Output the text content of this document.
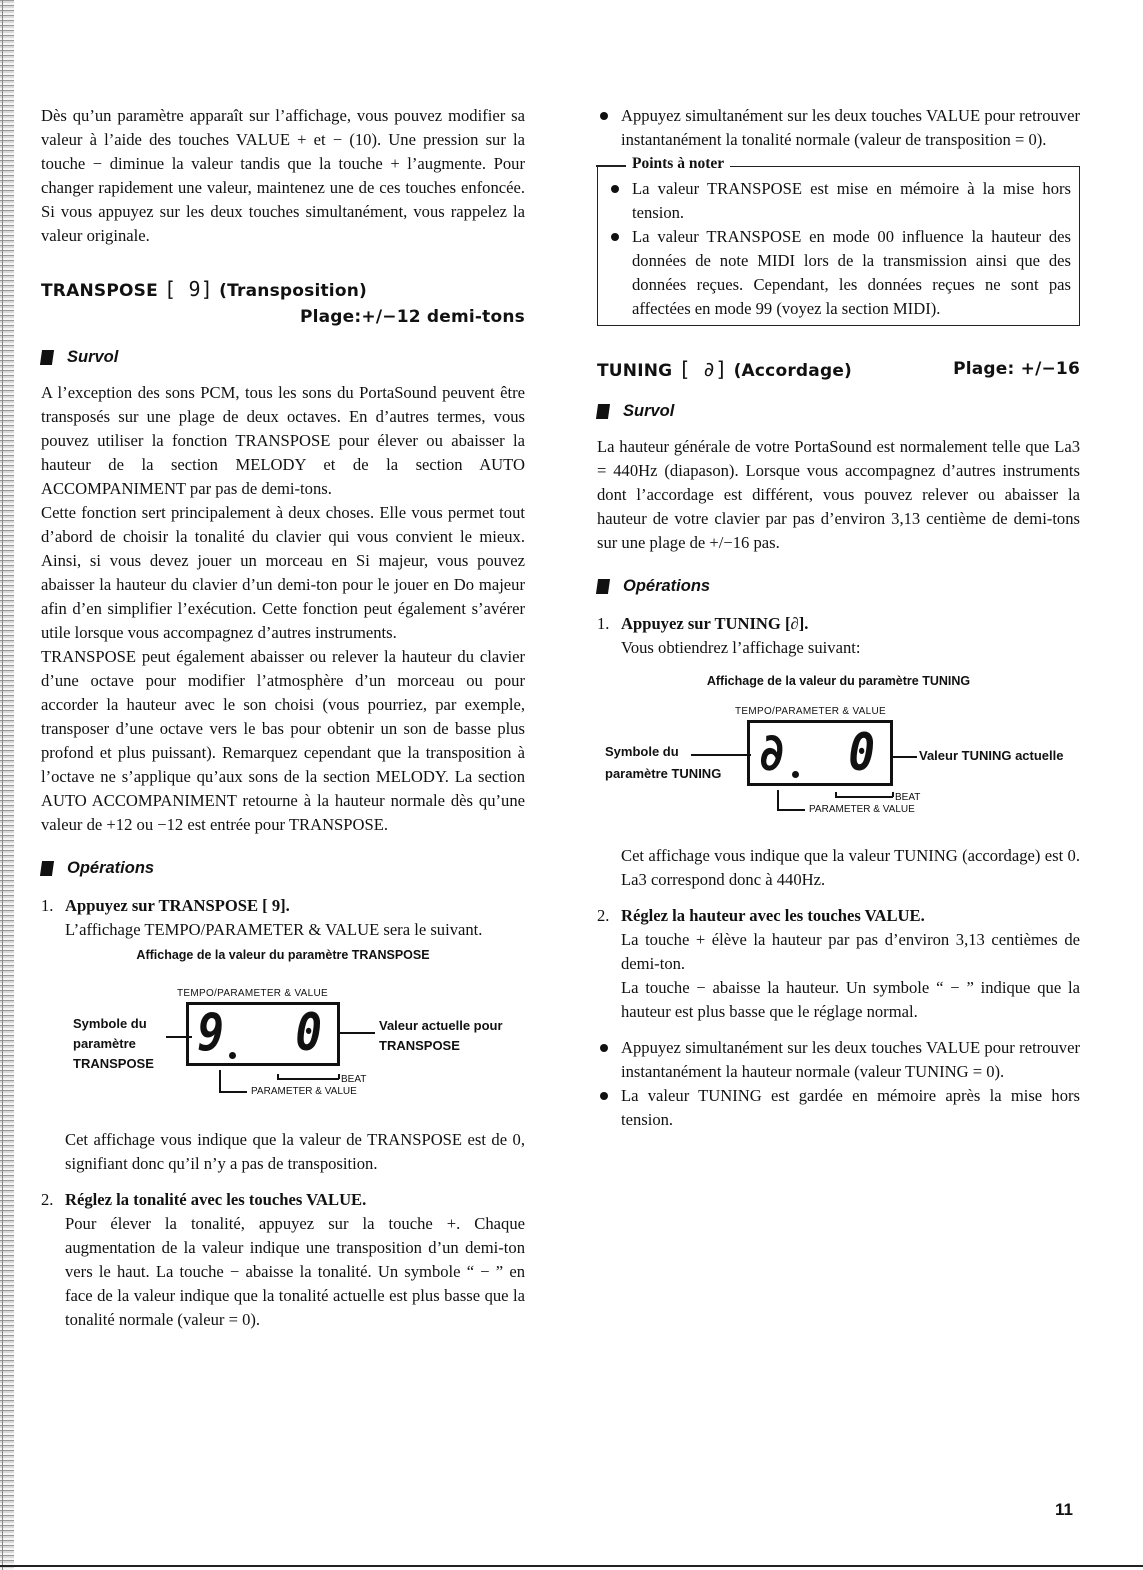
Dès qu’un paramètre apparaît sur l’affichage, vous pouvez modifier sa valeur à l’aide des touches VALUE + et − (10). Une pression sur la touche − diminue la valeur tandis que la touche + l’augmente. Pour changer rapidement une valeur, maintenez une de ces touches enfoncée. Si vous appuyez sur les deux touches simultanément, vous rappelez la valeur originale.

TRANSPOSE [ 9] (Transposition)
Plage:+/−12 demi-tons
Survol

A l’exception des sons PCM, tous les sons du PortaSound peuvent être transposés sur une plage de deux octaves. En d’autres termes, vous pouvez utiliser la fonction TRANSPOSE pour élever ou abaisser la hauteur de la section MELODY et de la section AUTO ACCOMPANIMENT par pas de demi-tons.

Cette fonction sert principalement à deux choses. Elle vous permet tout d’abord de choisir la tonalité du clavier qui vous convient le mieux. Ainsi, si vous devez jouer un morceau en Si majeur, vous pouvez abaisser la hauteur du clavier d’un demi-ton pour le jouer en Do majeur afin d’en simplifier l’exécution. Cette fonction peut également s’avérer utile lorsque vous accompagnez d’autres instruments.

TRANSPOSE peut également abaisser ou relever la hauteur du clavier d’une octave pour modifier l’atmosphère d’un morceau ou pour accorder la hauteur avec le son choisi (vous pourriez, par exemple, transposer d’une octave vers le bas pour obtenir un son de basse plus profond et plus puissant). Remarquez cependant que la transposition à l’octave ne s’applique qu’aux sons de la section MELODY. La section AUTO ACCOMPANIMENT retourne à la hauteur normale dès qu’une valeur de +12 ou −12 est entrée pour TRANSPOSE.

Opérations
1. Appuyez sur TRANSPOSE [ 9].
L’affichage TEMPO/PARAMETER & VALUE sera le suivant.
Affichage de la valeur du paramètre TRANSPOSE
TEMPO/PARAMETER & VALUE
9 0
Symbole du paramètre TRANSPOSE
Valeur actuelle pour TRANSPOSE
BEAT
PARAMETER & VALUE
Cet affichage vous indique que la valeur de TRANSPOSE est de 0, signifiant donc qu’il n’y a pas de transposition.
2. Réglez la tonalité avec les touches VALUE.
Pour élever la tonalité, appuyez sur la touche +. Chaque augmentation de la valeur indique une transposition d’un demi-ton vers le haut. La touche − abaisse la tonalité. Un symbole “ − ” en face de la valeur indique que la tonalité actuelle est plus basse que la tonalité normale (valeur = 0).
Appuyez simultanément sur les deux touches VALUE pour retrouver instantanément la tonalité normale (valeur de transposition = 0).
Points à noter
La valeur TRANSPOSE est mise en mémoire à la mise hors tension.
La valeur TRANSPOSE en mode 00 influence la hauteur des données de note MIDI lors de la transmission ainsi que des données reçues. Cependant, les données reçues ne sont pas affectées en mode 99 (voyez la section MIDI).
TUNING [ ∂] (Accordage)	Plage: +/−16
Survol

La hauteur générale de votre PortaSound est normalement telle que La3 = 440Hz (diapason). Lorsque vous accompagnez d’autres instruments dont l’accordage est différent, vous pouvez relever ou abaisser la hauteur de votre clavier par pas d’environ 3,13 centième de demi-tons sur une plage de +/−16 pas.

Opérations
1. Appuyez sur TUNING [∂].
Vous obtiendrez l’affichage suivant:
Affichage de la valeur du paramètre TUNING
TEMPO/PARAMETER & VALUE
∂ 0
Symbole du
paramètre TUNING
Valeur TUNING actuelle
BEAT
PARAMETER & VALUE
Cet affichage vous indique que la valeur TUNING (accordage) est 0. La3 correspond donc à 440Hz.
2. Réglez la hauteur avec les touches VALUE.
La touche + élève la hauteur par pas d’environ 3,13 centièmes de demi-ton.
La touche − abaisse la hauteur. Un symbole “ − ” indique que la hauteur est plus basse que le réglage normal.
Appuyez simultanément sur les deux touches VALUE pour retrouver instantanément la hauteur normale (valeur TUNING = 0).
La valeur TUNING est gardée en mémoire après la mise hors tension.
11
